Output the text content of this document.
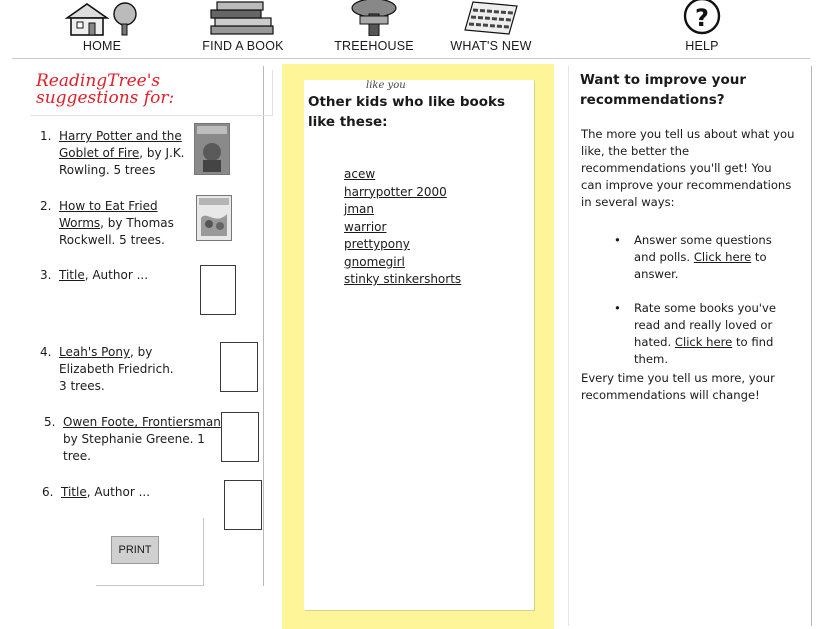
HOME	FIND A BOOK	TREEHOUSE	WHAT'S NEW
?
HELP
ReadingTree's suggestions for:
1. Harry Potter and the Goblet of Fire, by J.K. Rowling. 5 trees
2. How to Eat Fried Worms, by Thomas Rockwell. 5 trees.
3. Title, Author ...
4. Leah's Pony, by Elizabeth Friedrich. 3 trees.
5. Owen Foote, Frontiersman by Stephanie Greene. 1 tree.
6. Title, Author ...
PRINT
like you
Other kids who like books like these:
acew
harrypotter 2000
jman
warrior
prettypony
gnomegirl
stinky stinkershorts
Want to improve your recommendations?
The more you tell us about what you like, the better the recommendations you'll get! You can improve your recommendations in several ways:
• Answer some questions and polls. Click here to answer.
• Rate some books you've read and really loved or hated. Click here to find them.
Every time you tell us more, your recommendations will change!
